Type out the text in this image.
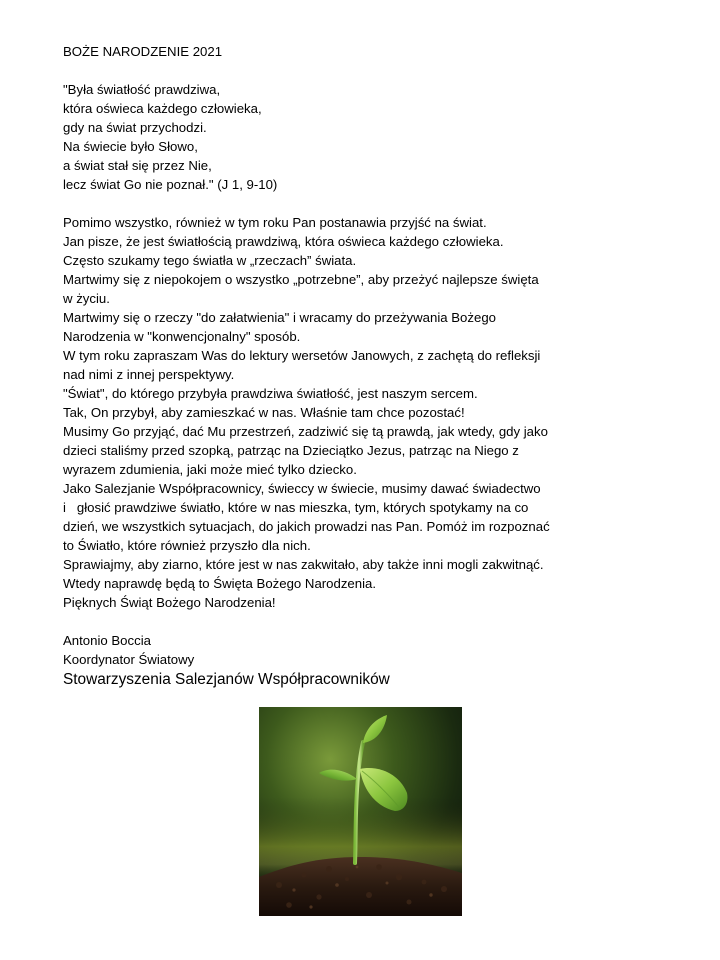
BOŻE NARODZENIE 2021
"Była światłość prawdziwa,
która oświeca każdego człowieka,
gdy na świat przychodzi.
Na świecie było Słowo,
a świat stał się przez Nie,
lecz świat Go nie poznał." (J 1, 9-10)
Pomimo wszystko, również w tym roku Pan postanawia przyjść na świat.
Jan pisze, że jest światłością prawdziwą, która oświeca każdego człowieka.
Często szukamy tego światła w „rzeczach” świata.
Martwimy się z niepokojem o wszystko „potrzebne”, aby przeżyć najlepsze święta
w życiu.
Martwimy się o rzeczy "do załatwienia" i wracamy do przeżywania Bożego
Narodzenia w "konwencjonalny" sposób.
W tym roku zapraszam Was do lektury wersetów Janowych, z zachętą do refleksji
nad nimi z innej perspektywy.
"Świat", do którego przybyła prawdziwa światłość, jest naszym sercem.
Tak, On przybył, aby zamieszkać w nas. Właśnie tam chce pozostać!
Musimy Go przyjąć, dać Mu przestrzeń, zadziwić się tą prawdą, jak wtedy, gdy jako
dzieci staliśmy przed szopką, patrząc na Dzieciątko Jezus, patrząc na Niego z
wyrazem zdumienia, jaki może mieć tylko dziecko.
Jako Salezjanie Współpracownicy, świeccy w świecie, musimy dawać świadectwo
i   głosić prawdziwe światło, które w nas mieszka, tym, których spotykamy na co
dzień, we wszystkich sytuacjach, do jakich prowadzi nas Pan. Pomóż im rozpoznać
to Światło, które również przyszło dla nich.
Sprawiajmy, aby ziarno, które jest w nas zakwitało, aby także inni mogli zakwitnąć.
Wtedy naprawdę będą to Święta Bożego Narodzenia.
Pięknych Świąt Bożego Narodzenia!
Antonio Boccia
Koordynator Światowy
Stowarzyszenia Salezjanów Współpracowników
